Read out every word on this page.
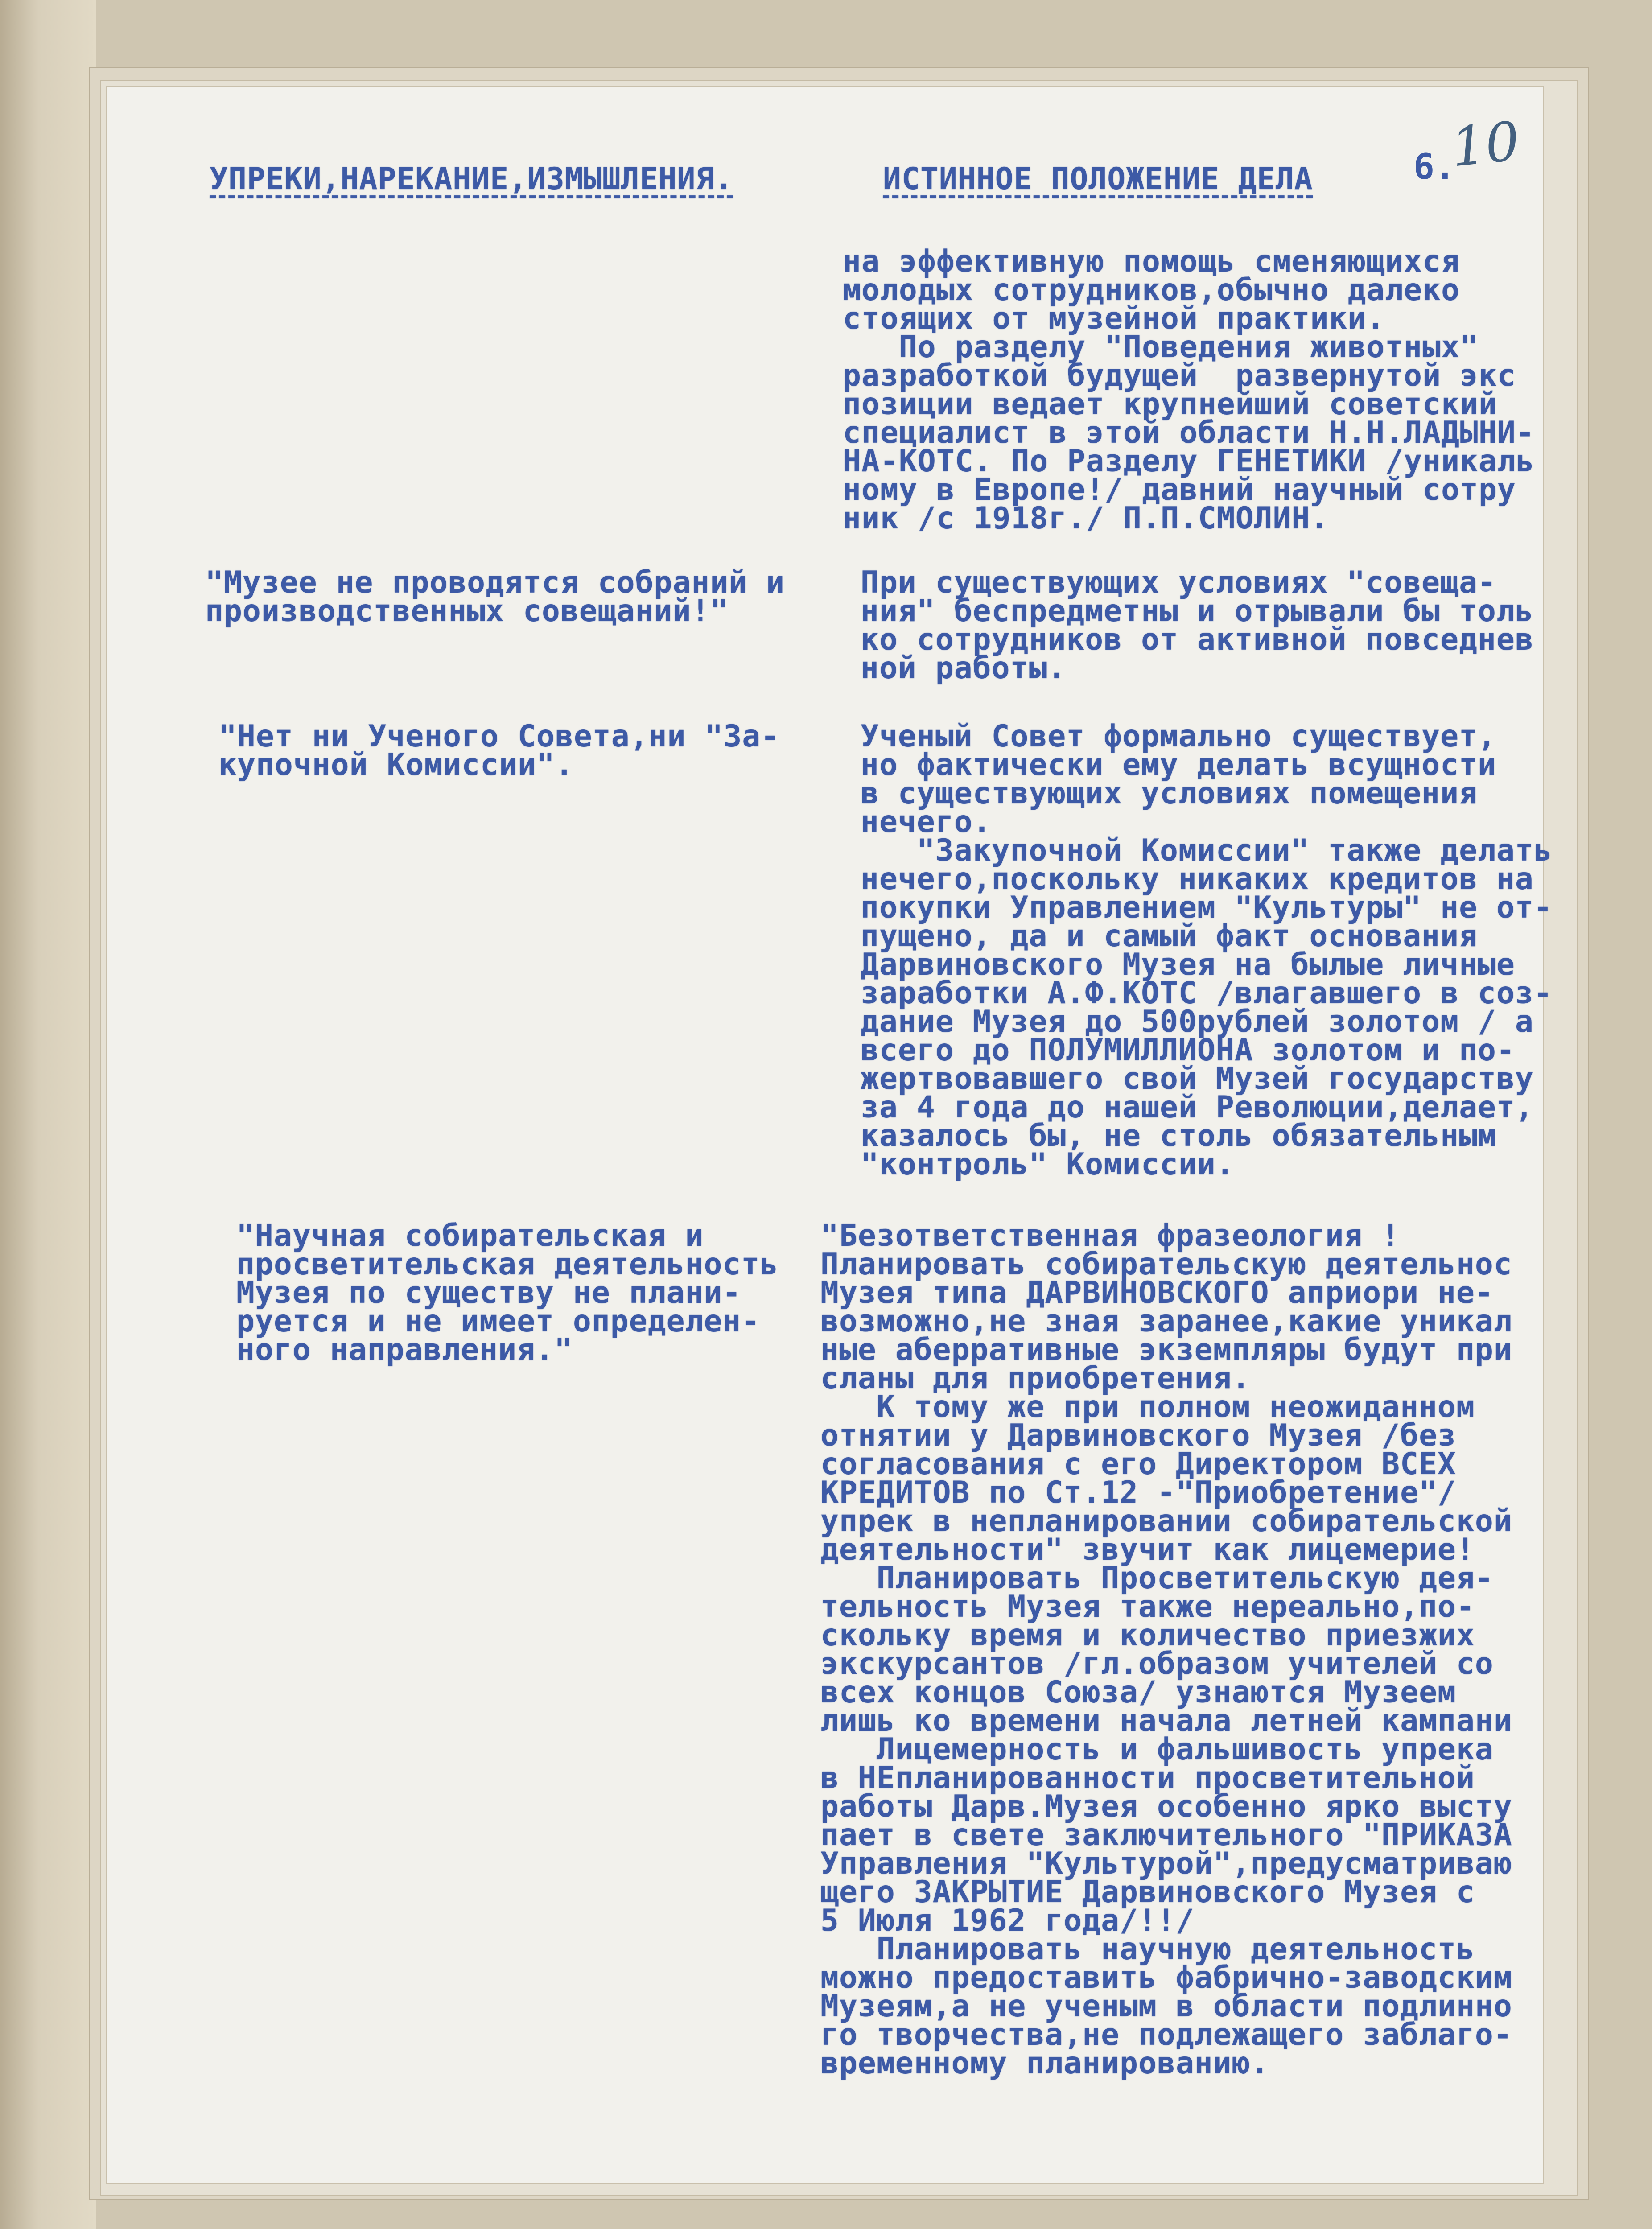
10
6.

УПРЕКИ,НАРЕКАНИЕ,ИЗМЫШЛЕНИЯ.	ИСТИННОЕ ПОЛОЖЕНИЕ ДЕЛА

на эффективную помощь сменяющихся
молодых сотрудников,обычно далеко
стоящих от музейной практики.
По разделу "Поведения животных"
разработкой будущей  развернутой экс
позиции ведает крупнейший советский
специалист в этой области Н.Н.ЛАДЫНИ-
НА-КОТС. По Разделу ГЕНЕТИКИ /уникаль
ному в Европе!/ давний научный сотру
ник /с 1918г./ П.П.СМОЛИН.

При существующих условиях "совеща-
ния" беспредметны и отрывали бы толь
ко сотрудников от активной повседнев
ной работы.

Ученый Совет формально существует,
но фактически ему делать всущности
в существующих условиях помещения
нечего.
"Закупочной Комиссии" также делать
нечего,поскольку никаких кредитов на
покупки Управлением "Культуры" не от-
пущено, да и самый факт основания
Дарвиновского Музея на былые личные
заработки А.Ф.КОТС /влагавшего в соз-
дание Музея до 500рублей золотом / а
всего до ПОЛУМИЛЛИОНА золотом и по-
жертвовавшего свой Музей государству
за 4 года до нашей Революции,делает,
казалось бы, не столь обязательным
"контроль" Комиссии.

"Безответственная фразеология !
Планировать собирательскую деятельнос
Музея типа ДАРВИНОВСКОГО априори не-
возможно,не зная заранее,какие уникал
ные аберративные экземпляры будут при
сланы для приобретения.
К тому же при полном неожиданном
отнятии у Дарвиновского Музея /без
согласования с его Директором ВСЕХ
КРЕДИТОВ по Ст.12 -"Приобретение"/
упрек в непланировании собирательской
деятельности" звучит как лицемерие!
Планировать Просветительскую дея-
тельность Музея также нереально,по-
скольку время и количество приезжих
экскурсантов /гл.образом учителей со
всех концов Союза/ узнаются Музеем
лишь ко времени начала летней кампани
Лицемерность и фальшивость упрека
в НЕпланированности просветительной
работы Дарв.Музея особенно ярко высту
пает в свете заключительного "ПРИКАЗА
Управления "Культурой",предусматриваю
щего ЗАКРЫТИЕ Дарвиновского Музея с
5 Июля 1962 года/!!/
Планировать научную деятельность
можно предоставить фабрично-заводским
Музеям,а не ученым в области подлинно
го творчества,не подлежащего заблаго-
временному планированию.

"Музее не проводятся собраний и
производственных совещаний!"

"Нет ни Ученого Совета,ни "За-
купочной Комиссии".

"Научная собирательская и
просветительская деятельность
Музея по существу не плани-
руется и не имеет определен-
ного направления."
